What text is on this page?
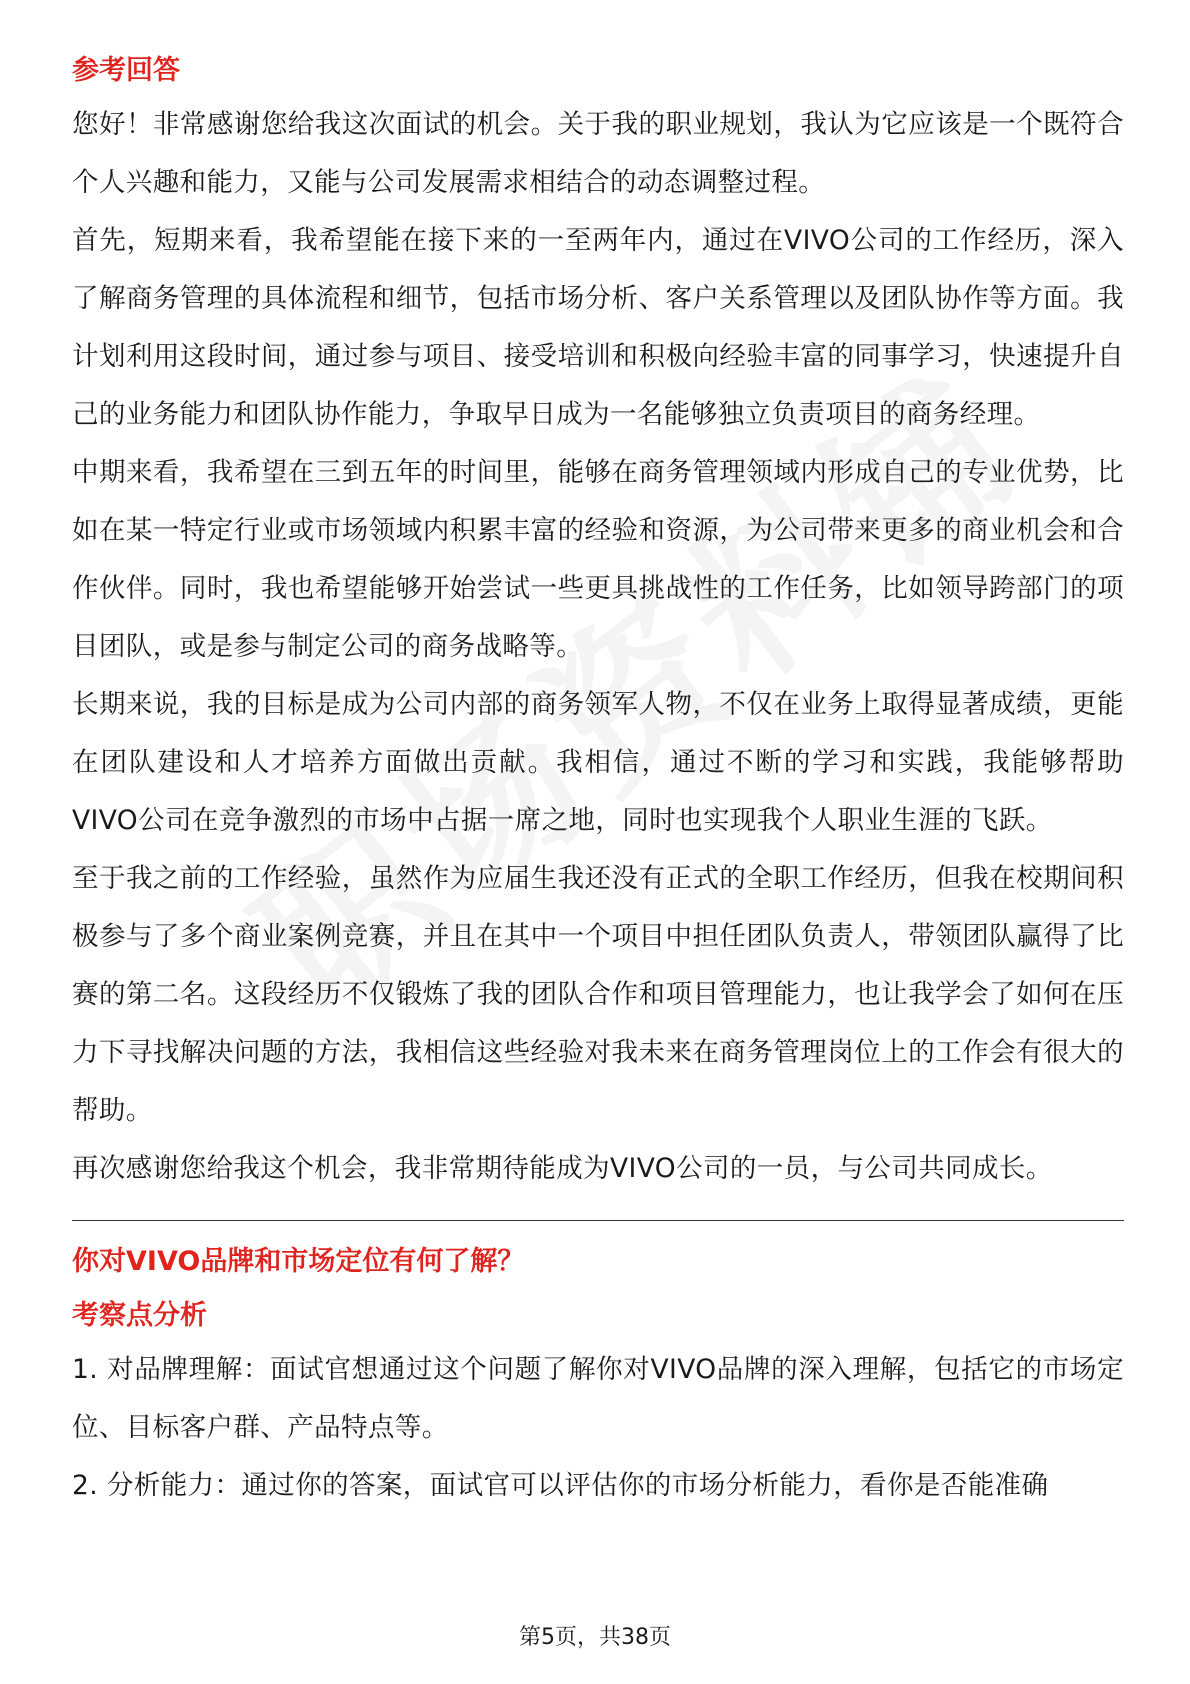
参考回答

您好！非常感谢您给我这次面试的机会。关于我的职业规划，我认为它应该是一个既符合个人兴趣和能力，又能与公司发展需求相结合的动态调整过程。

首先，短期来看，我希望能在接下来的一至两年内，通过在VIVO公司的工作经历，深入了解商务管理的具体流程和细节，包括市场分析、客户关系管理以及团队协作等方面。我计划利用这段时间，通过参与项目、接受培训和积极向经验丰富的同事学习，快速提升自己的业务能力和团队协作能力，争取早日成为一名能够独立负责项目的商务经理。

中期来看，我希望在三到五年的时间里，能够在商务管理领域内形成自己的专业优势，比如在某一特定行业或市场领域内积累丰富的经验和资源，为公司带来更多的商业机会和合作伙伴。同时，我也希望能够开始尝试一些更具挑战性的工作任务，比如领导跨部门的项目团队，或是参与制定公司的商务战略等。

长期来说，我的目标是成为公司内部的商务领军人物，不仅在业务上取得显著成绩，更能在团队建设和人才培养方面做出贡献。我相信，通过不断的学习和实践，我能够帮助VIVO公司在竞争激烈的市场中占据一席之地，同时也实现我个人职业生涯的飞跃。

至于我之前的工作经验，虽然作为应届生我还没有正式的全职工作经历，但我在校期间积极参与了多个商业案例竞赛，并且在其中一个项目中担任团队负责人，带领团队赢得了比赛的第二名。这段经历不仅锻炼了我的团队合作和项目管理能力，也让我学会了如何在压力下寻找解决问题的方法，我相信这些经验对我未来在商务管理岗位上的工作会有很大的帮助。

再次感谢您给我这个机会，我非常期待能成为VIVO公司的一员，与公司共同成长。

你对VIVO品牌和市场定位有何了解？

考察点分析

1. 对品牌理解：面试官想通过这个问题了解你对VIVO品牌的深入理解，包括它的市场定位、目标客户群、产品特点等。

2. 分析能力：通过你的答案，面试官可以评估你的市场分析能力，看你是否能准确

第5页，共38页
